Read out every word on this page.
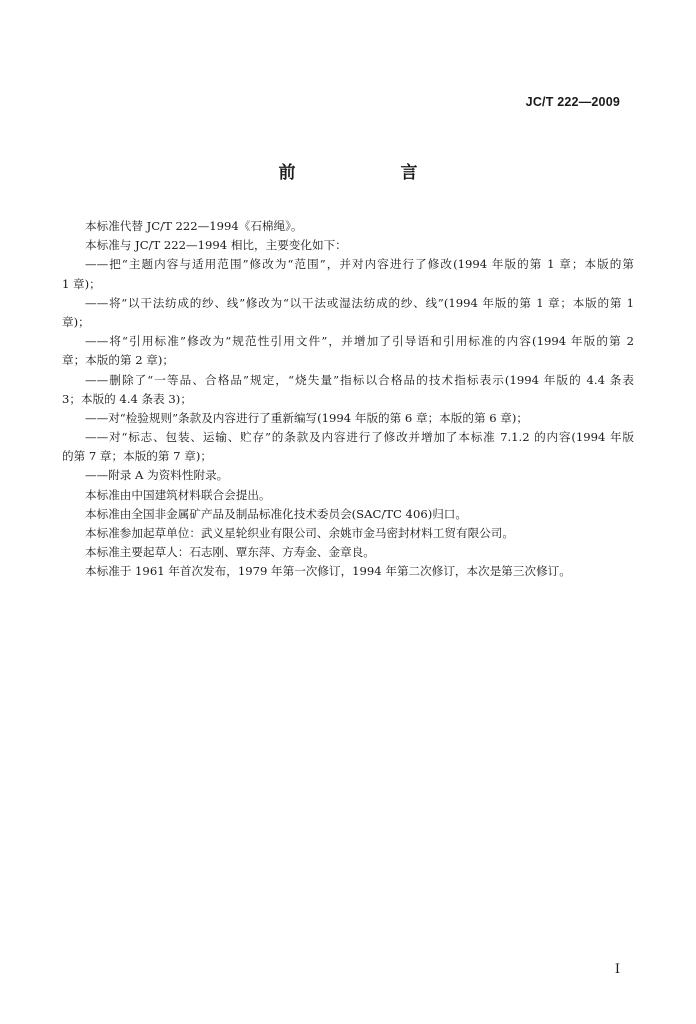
JC/T 222—2009
前　言
本标准代替 JC/T 222—1994《石棉绳》。
本标准与 JC/T 222—1994 相比，主要变化如下：
——把“主题内容与适用范围”修改为“范围”，并对内容进行了修改(1994 年版的第 1 章；本版的第
1 章)；
——将“以干法纺成的纱、线”修改为“以干法或湿法纺成的纱、线”(1994 年版的第 1 章；本版的第 1
章)；
——将“引用标准”修改为“规范性引用文件”，并增加了引导语和引用标准的内容(1994 年版的第 2
章；本版的第 2 章)；
——删除了“一等品、合格品”规定，“烧失量”指标以合格品的技术指标表示(1994 年版的 4.4 条表
3；本版的 4.4 条表 3)；
——对“检验规则”条款及内容进行了重新编写(1994 年版的第 6 章；本版的第 6 章)；
——对“标志、包装、运输、贮存”的条款及内容进行了修改并增加了本标准 7.1.2 的内容(1994 年版
的第 7 章；本版的第 7 章)；
——附录 A 为资料性附录。
本标准由中国建筑材料联合会提出。
本标准由全国非金属矿产品及制品标准化技术委员会(SAC/TC 406)归口。
本标准参加起草单位：武义星轮织业有限公司、余姚市金马密封材料工贸有限公司。
本标准主要起草人：石志刚、覃东萍、方寿金、金章良。
本标准于 1961 年首次发布，1979 年第一次修订，1994 年第二次修订，本次是第三次修订。
I
